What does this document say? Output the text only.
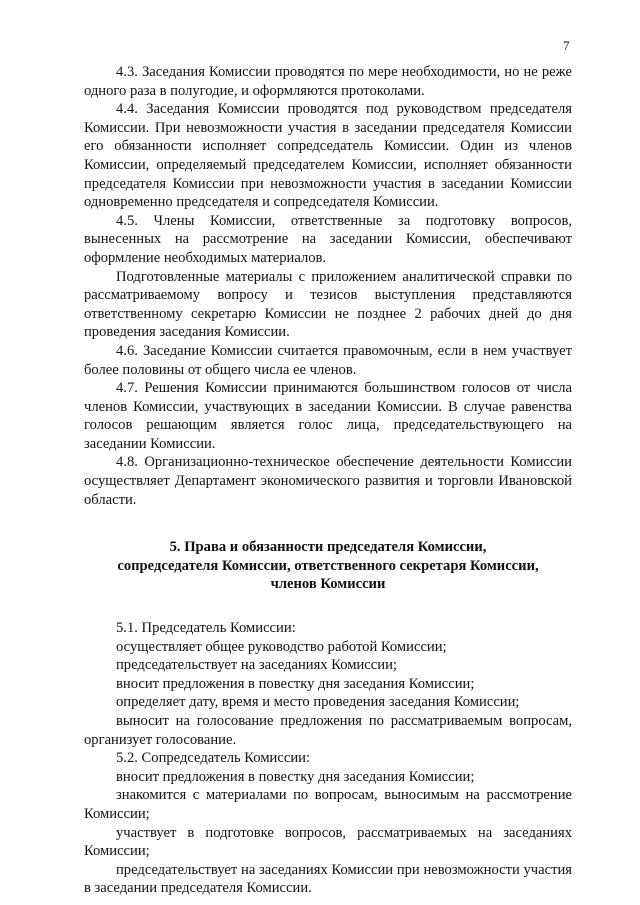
7

4.3. Заседания Комиссии проводятся по мере необходимости, но не реже одного раза в полугодие, и оформляются протоколами.

4.4. Заседания Комиссии проводятся под руководством председателя Комиссии. При невозможности участия в заседании председателя Комиссии его обязанности исполняет сопредседатель Комиссии. Один из членов Комиссии, определяемый председателем Комиссии, исполняет обязанности председателя Комиссии при невозможности участия в заседании Комиссии одновременно председателя и сопредседателя Комиссии.

4.5. Члены Комиссии, ответственные за подготовку вопросов, вынесенных на рассмотрение на заседании Комиссии, обеспечивают оформление необходимых материалов.

Подготовленные материалы с приложением аналитической справки по рассматриваемому вопросу и тезисов выступления представляются ответственному секретарю Комиссии не позднее 2 рабочих дней до дня проведения заседания Комиссии.

4.6. Заседание Комиссии считается правомочным, если в нем участвует более половины от общего числа ее членов.

4.7. Решения Комиссии принимаются большинством голосов от числа членов Комиссии, участвующих в заседании Комиссии. В случае равенства голосов решающим является голос лица, председательствующего на заседании Комиссии.

4.8. Организационно-техническое обеспечение деятельности Комиссии осуществляет Департамент экономического развития и торговли Ивановской области.

5. Права и обязанности председателя Комиссии,
сопредседателя Комиссии, ответственного секретаря Комиссии,
членов Комиссии

5.1. Председатель Комиссии:

осуществляет общее руководство работой Комиссии;

председательствует на заседаниях Комиссии;

вносит предложения в повестку дня заседания Комиссии;

определяет дату, время и место проведения заседания Комиссии;

выносит на голосование предложения по рассматриваемым вопросам, организует голосование.

5.2. Сопредседатель Комиссии:

вносит предложения в повестку дня заседания Комиссии;

знакомится с материалами по вопросам, выносимым на рассмотрение Комиссии;

участвует в подготовке вопросов, рассматриваемых на заседаниях Комиссии;

председательствует на заседаниях Комиссии при невозможности участия в заседании председателя Комиссии.
